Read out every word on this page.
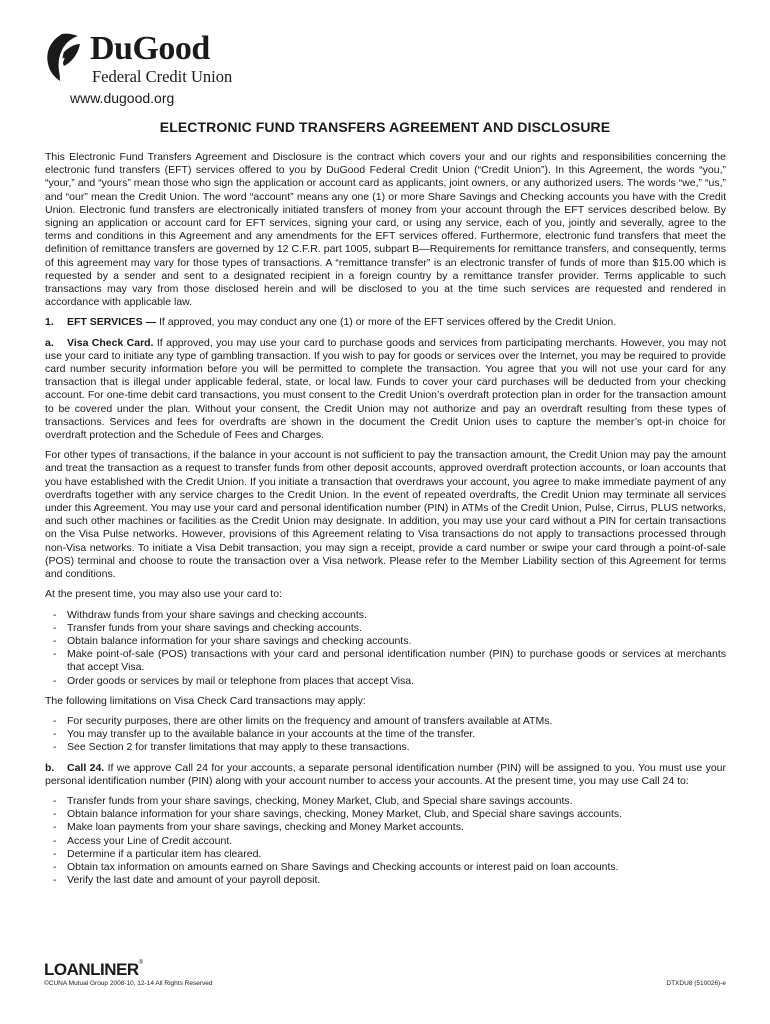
DuGood
Federal Credit Union
www.dugood.org
ELECTRONIC FUND TRANSFERS AGREEMENT AND DISCLOSURE

This Electronic Fund Transfers Agreement and Disclosure is the contract which covers your and our rights and responsibilities concerning the electronic fund transfers (EFT) services offered to you by DuGood Federal Credit Union (“Credit Union”). In this Agreement, the words “you,” “your,” and “yours” mean those who sign the application or account card as applicants, joint owners, or any authorized users. The words “we,” “us,” and “our” mean the Credit Union. The word “account” means any one (1) or more Share Savings and Checking accounts you have with the Credit Union. Electronic fund transfers are electronically initiated transfers of money from your account through the EFT services described below. By signing an application or account card for EFT services, signing your card, or using any service, each of you, jointly and severally, agree to the terms and conditions in this Agreement and any amendments for the EFT services offered. Furthermore, electronic fund transfers that meet the definition of remittance transfers are governed by 12 C.F.R. part 1005, subpart B—Requirements for remittance transfers, and consequently, terms of this agreement may vary for those types of transactions. A “remittance transfer” is an electronic transfer of funds of more than $15.00 which is requested by a sender and sent to a designated recipient in a foreign country by a remittance transfer provider. Terms applicable to such transactions may vary from those disclosed herein and will be disclosed to you at the time such services are requested and rendered in accordance with applicable law.

1. EFT SERVICES — If approved, you may conduct any one (1) or more of the EFT services offered by the Credit Union.

a. Visa Check Card. If approved, you may use your card to purchase goods and services from participating merchants. However, you may not use your card to initiate any type of gambling transaction. If you wish to pay for goods or services over the Internet, you may be required to provide card number security information before you will be permitted to complete the transaction. You agree that you will not use your card for any transaction that is illegal under applicable federal, state, or local law. Funds to cover your card purchases will be deducted from your checking account. For one-time debit card transactions, you must consent to the Credit Union’s overdraft protection plan in order for the transaction amount to be covered under the plan. Without your consent, the Credit Union may not authorize and pay an overdraft resulting from these types of transactions. Services and fees for overdrafts are shown in the document the Credit Union uses to capture the member’s opt-in choice for overdraft protection and the Schedule of Fees and Charges.

For other types of transactions, if the balance in your account is not sufficient to pay the transaction amount, the Credit Union may pay the amount and treat the transaction as a request to transfer funds from other deposit accounts, approved overdraft protection accounts, or loan accounts that you have established with the Credit Union. If you initiate a transaction that overdraws your account, you agree to make immediate payment of any overdrafts together with any service charges to the Credit Union. In the event of repeated overdrafts, the Credit Union may terminate all services under this Agreement. You may use your card and personal identification number (PIN) in ATMs of the Credit Union, Pulse, Cirrus, PLUS networks, and such other machines or facilities as the Credit Union may designate. In addition, you may use your card without a PIN for certain transactions on the Visa Pulse networks. However, provisions of this Agreement relating to Visa transactions do not apply to transactions processed through non-Visa networks. To initiate a Visa Debit transaction, you may sign a receipt, provide a card number or swipe your card through a point-of-sale (POS) terminal and choose to route the transaction over a Visa network. Please refer to the Member Liability section of this Agreement for terms and conditions.

At the present time, you may also use your card to:

- Withdraw funds from your share savings and checking accounts.
- Transfer funds from your share savings and checking accounts.
- Obtain balance information for your share savings and checking accounts.
- Make point-of-sale (POS) transactions with your card and personal identification number (PIN) to purchase goods or services at merchants that accept Visa.
- Order goods or services by mail or telephone from places that accept Visa.

The following limitations on Visa Check Card transactions may apply:

- For security purposes, there are other limits on the frequency and amount of transfers available at ATMs.
- You may transfer up to the available balance in your accounts at the time of the transfer.
- See Section 2 for transfer limitations that may apply to these transactions.

b. Call 24. If we approve Call 24 for your accounts, a separate personal identification number (PIN) will be assigned to you. You must use your personal identification number (PIN) along with your account number to access your accounts. At the present time, you may use Call 24 to:

- Transfer funds from your share savings, checking, Money Market, Club, and Special share savings accounts.
- Obtain balance information for your share savings, checking, Money Market, Club, and Special share savings accounts.
- Make loan payments from your share savings, checking and Money Market accounts.
- Access your Line of Credit account.
- Determine if a particular item has cleared.
- Obtain tax information on amounts earned on Share Savings and Checking accounts or interest paid on loan accounts.
- Verify the last date and amount of your payroll deposit.
LOANLINER®
©CUNA Mutual Group 2008-10, 12-14 All Rights Reserved	DTXDU8 (510026)-e
